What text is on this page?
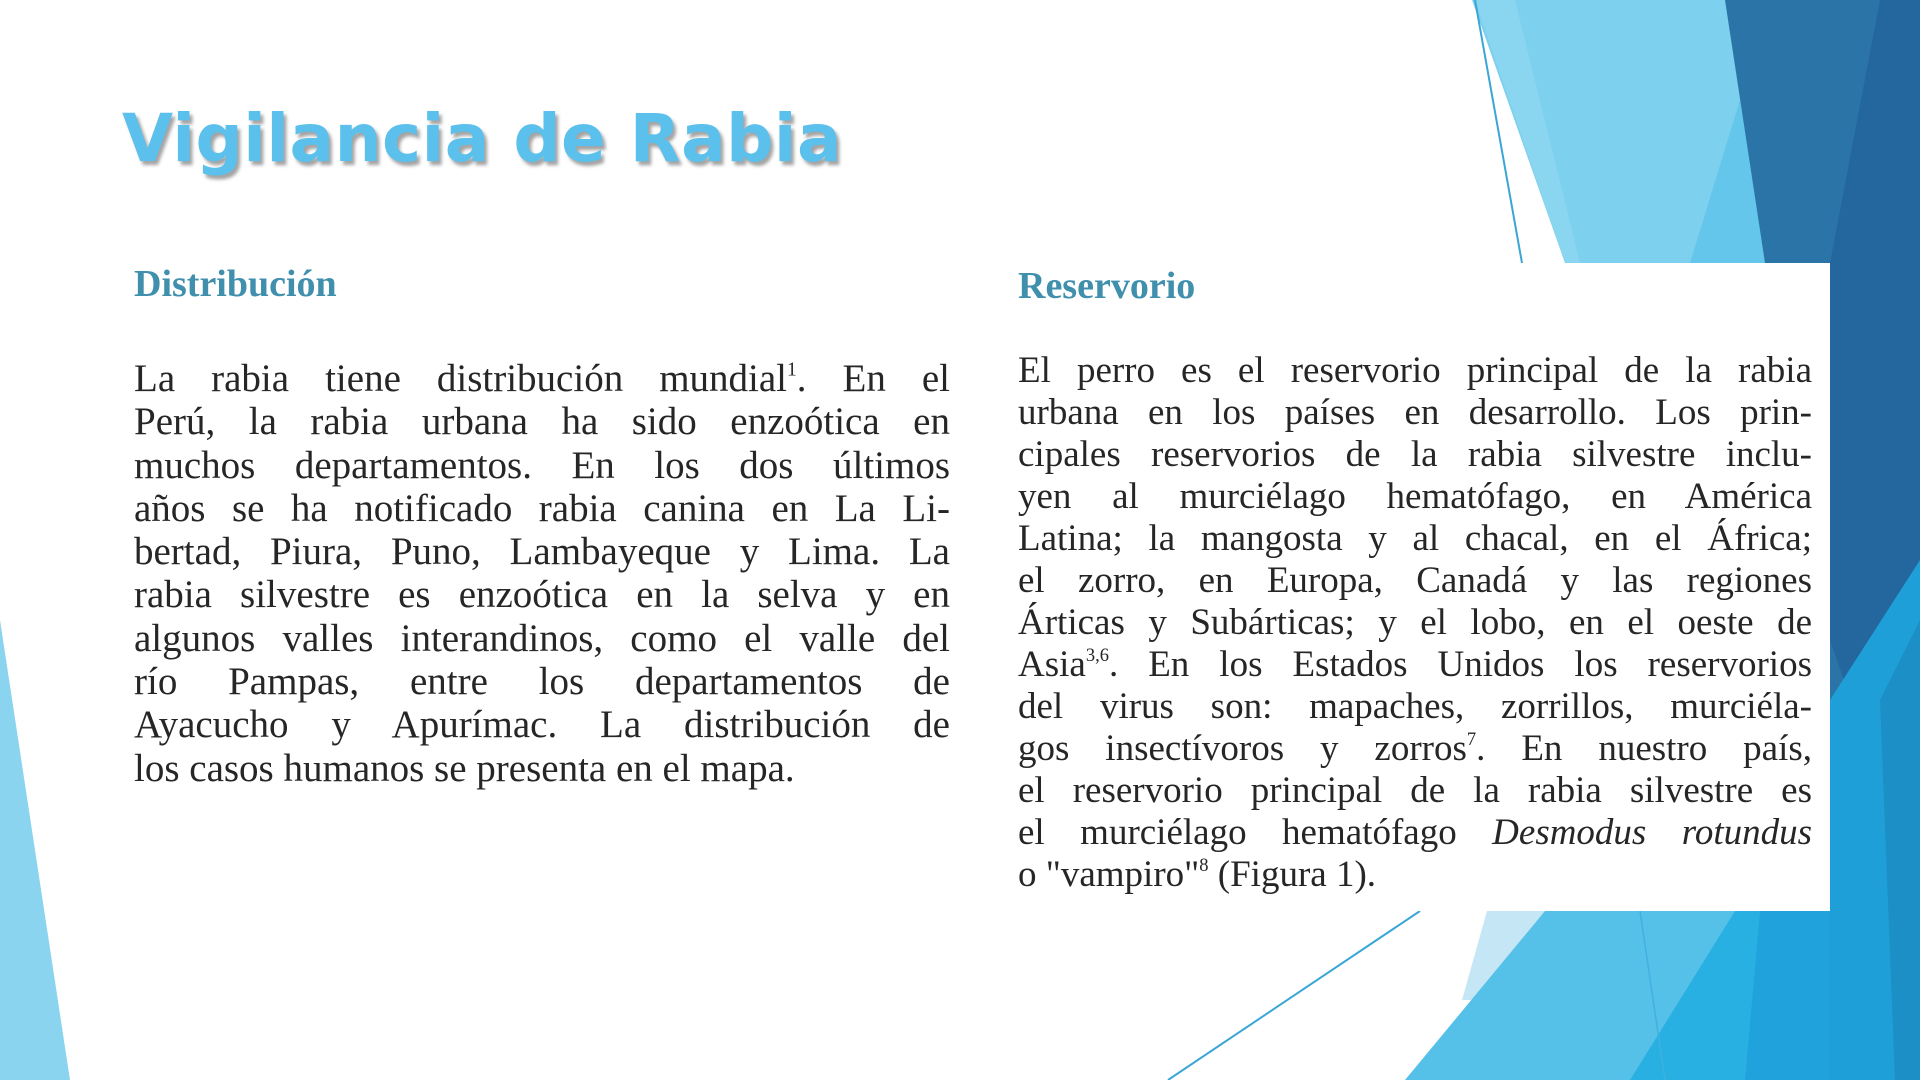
Vigilancia de Rabia
Distribución
La rabia tiene distribución mundial$^1$. En el
Perú, la rabia urbana ha sido enzoótica en
muchos departamentos. En los dos últimos
años se ha notificado rabia canina en La Li-
bertad, Piura, Puno, Lambayeque y Lima. La
rabia silvestre es enzoótica en la selva y en
algunos valles interandinos, como el valle del
río Pampas, entre los departamentos de
Ayacucho y Apurímac. La distribución de
los casos humanos se presenta en el mapa.
Reservorio
El perro es el reservorio principal de la rabia
urbana en los países en desarrollo. Los prin-
cipales reservorios de la rabia silvestre inclu-
yen al murciélago hematófago, en América
Latina; la mangosta y al chacal, en el África;
el zorro, en Europa, Canadá y las regiones
Árticas y Subárticas; y el lobo, en el oeste de
Asia$^{3,6}$. En los Estados Unidos los reservorios
del virus son: mapaches, zorrillos, murciéla-
gos insectívoros y zorros$^7$. En nuestro país,
el reservorio principal de la rabia silvestre es
el murciélago hematófago Desmodus rotundus
o "vampiro"$^8$ (Figura 1).
